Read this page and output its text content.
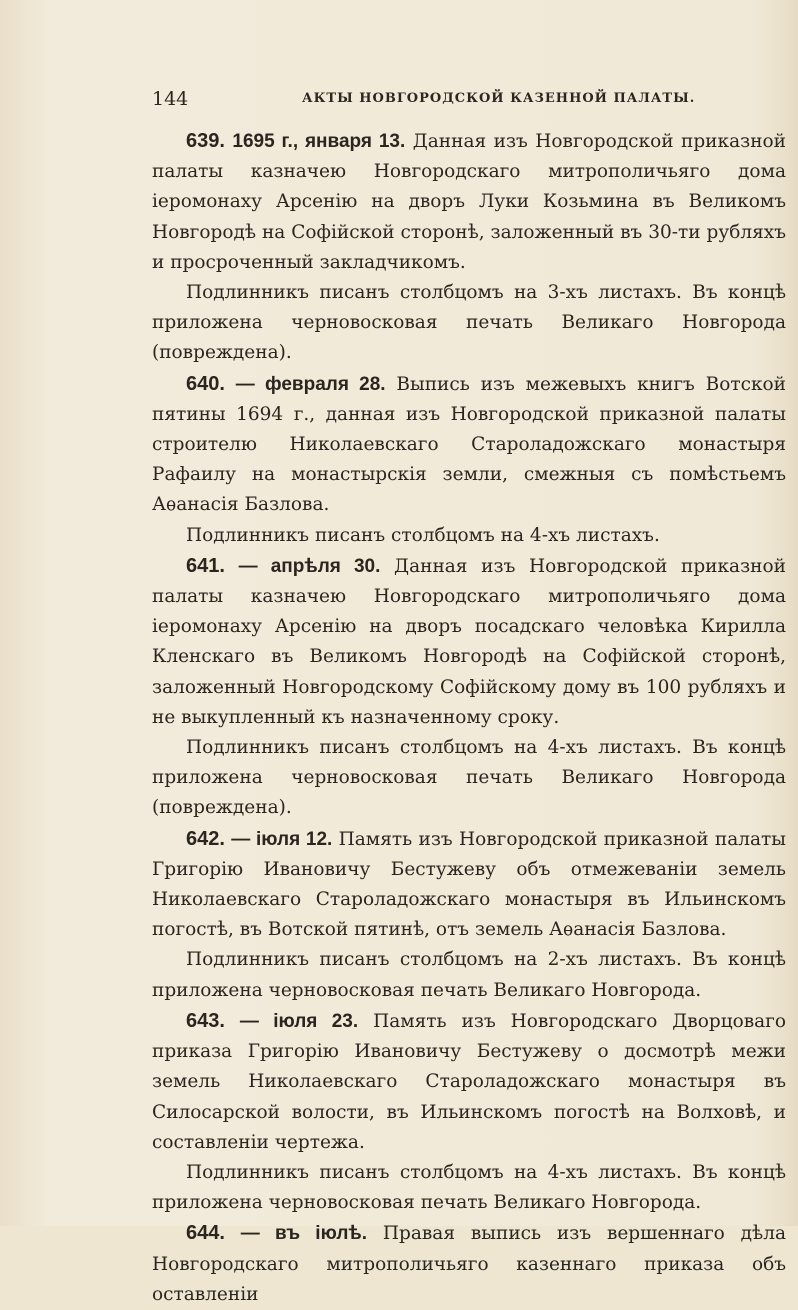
144	АКТЫ НОВГОРОДСКОЙ КАЗЕННОЙ ПАЛАТЫ.

639. 1695 г., января 13. Данная изъ Новгородской приказной палаты казначею Новгородскаго митрополичьяго дома іеромонаху Арсенію на дворъ Луки Козьмина въ Великомъ Новгородѣ на Софійской сторонѣ, заложенный въ 30-ти рубляхъ и просроченный закладчикомъ.

Подлинникъ писанъ столбцомъ на 3-хъ листахъ. Въ концѣ приложена черновосковая печать Великаго Новгорода (повреждена).

640. — февраля 28. Выпись изъ межевыхъ книгъ Вотской пятины 1694 г., данная изъ Новгородской приказной палаты строителю Николаевскаго Староладожскаго монастыря Рафаилу на монастырскія земли, смежныя съ помѣстьемъ Аѳанасія Базлова.

Подлинникъ писанъ столбцомъ на 4-хъ листахъ.

641. — апрѣля 30. Данная изъ Новгородской приказной палаты казначею Новгородскаго митрополичьяго дома іеромонаху Арсенію на дворъ посадскаго человѣка Кирилла Кленскаго въ Великомъ Новгородѣ на Софійской сторонѣ, заложенный Новгородскому Софійскому дому въ 100 рубляхъ и не выкупленный къ назначенному сроку.

Подлинникъ писанъ столбцомъ на 4-хъ листахъ. Въ концѣ приложена черновосковая печать Великаго Новгорода (повреждена).

642. — іюля 12. Память изъ Новгородской приказной палаты Григорію Ивановичу Бестужеву объ отмежеваніи земель Николаевскаго Староладожскаго монастыря въ Ильинскомъ погостѣ, въ Вотской пятинѣ, отъ земель Аѳанасія Базлова.

Подлинникъ писанъ столбцомъ на 2-хъ листахъ. Въ концѣ приложена черновосковая печать Великаго Новгорода.

643. — іюля 23. Память изъ Новгородскаго Дворцоваго приказа Григорію Ивановичу Бестужеву о досмотрѣ межи земель Николаевскаго Староладожскаго монастыря въ Силосарской волости, въ Ильинскомъ погостѣ на Волховѣ, и составленіи чертежа.

Подлинникъ писанъ столбцомъ на 4-хъ листахъ. Въ концѣ приложена черновосковая печать Великаго Новгорода.

644. — въ іюлѣ. Правая выпись изъ вершеннаго дѣла Новгородскаго митрополичьяго казеннаго приказа объ оставленіи
